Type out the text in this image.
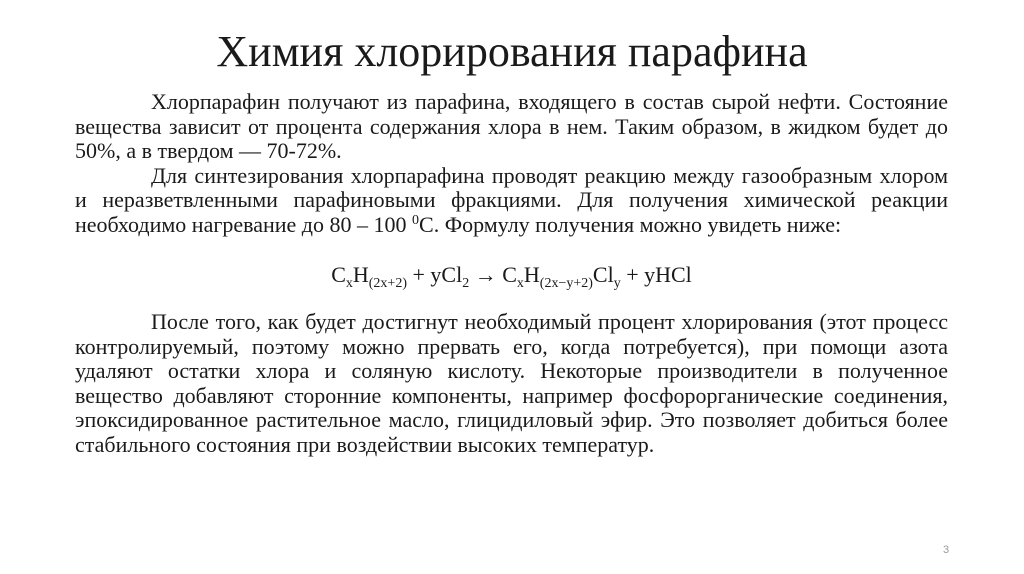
Химия хлорирования парафина

Хлорпарафин получают из парафина, входящего в состав сырой нефти. Состояние вещества зависит от процента содержания хлора в нем. Таким образом, в жидком будет до 50%, а в твердом — 70-72%.

Для синтезирования хлорпарафина проводят реакцию между газообразным хлором и неразветвленными парафиновыми фракциями. Для получения химической реакции необходимо нагревание до 80 – 100 $^0$С. Формулу получения можно увидеть ниже:

$C_xH_{(2x+2)} + yCl_2 \to C_xH_{(2x-y+2)}Cl_y$ + yHCl

После того, как будет достигнут необходимый процент хлорирования (этот процесс контролируемый, поэтому можно прервать его, когда потребуется), при помощи азота удаляют остатки хлора и соляную кислоту. Некоторые производители в полученное вещество добавляют сторонние компоненты, например фосфорорганические соединения, эпоксидированное растительное масло, глицидиловый эфир. Это позволяет добиться более стабильного состояния при воздействии высоких температур.

3
